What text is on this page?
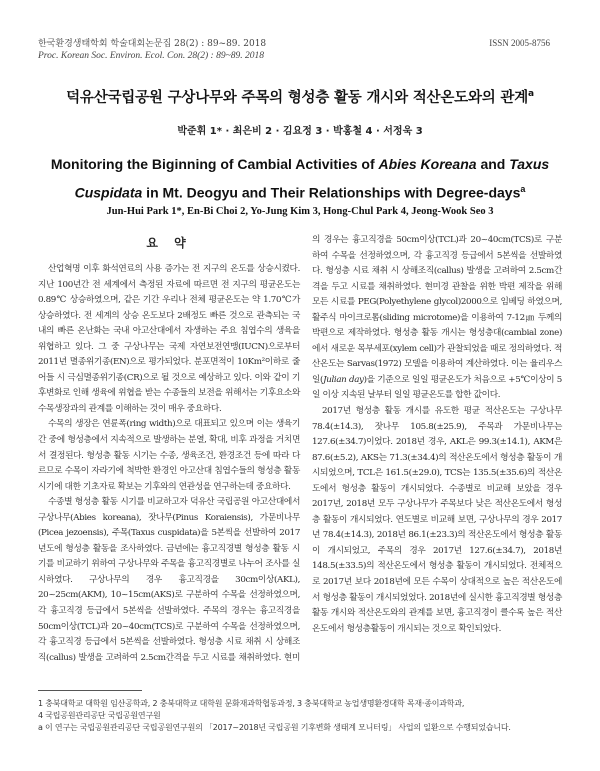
한국환경생태학회 학술대회논문집 28(2) : 89~89. 2018
Proc. Korean Soc. Environ. Ecol. Con. 28(2) : 89~89. 2018
ISSN 2005-8756
덕유산국립공원 구상나무와 주목의 형성층 활동 개시와 적산온도와의 관계$^a$
박준휘 1* · 최은비 2 · 김요정 3 · 박홍철 4 · 서정욱 3
Monitoring the Biginning of Cambial Activities of Abies Koreana and Taxus Cuspidata in Mt. Deogyu and Their Relationships with Degree-days$^a$
Jun-Hui Park 1*, En-Bi Choi 2, Yo-Jung Kim 3, Hong-Chul Park 4, Jeong-Wook Seo 3
요 약

산업혁명 이후 화석연료의 사용 증가는 전 지구의 온도를 상승시켰다. 지난 100년간 전 세계에서 측정된 자료에 따르면 전 지구의 평균온도는 0.89℃ 상승하였으며, 같은 기간 우리나 전체 평균온도는 약 1.70℃가 상승하였다. 전 세계의 상승 온도보다 2배정도 빠른 것으로 관측되는 국내의 빠른 온난화는 국내 아고산대에서 자생하는 주요 침엽수의 생육을 위협하고 있다. 그 중 구상나무는 국제 자연보전연맹(IUCN)으로부터 2011년 멸종위기종(EN)으로 평가되었다. 분포면적이 10Km²이하로 줄어들 시 극심멸종위기종(CR)으로 될 것으로 예상하고 있다. 이와 같이 기후변화로 인해 생육에 위협을 받는 수종들의 보전을 위해서는 기후요소와 수목생장과의 관계를 이해하는 것이 매우 중요하다.

수목의 생장은 연륜폭(ring width)으로 대표되고 있으며 이는 생육기간 중에 형성층에서 지속적으로 발생하는 분열, 확대, 비후 과정을 거치면서 결정된다. 형성층 활동 시기는 수종, 생육조건, 환경조건 등에 따라 다르므로 수목이 자라기에 척박한 환경인 아고산대 침엽수들의 형성층 활동시기에 대한 기초자료 확보는 기후와의 연관성을 연구하는데 중요하다.

수종별 형성층 활동 시기를 비교하고자 덕유산 국립공원 아고산대에서 구상나무(Abies koreana), 잣나무(Pinus Koraiensis), 가문비나무(Picea jezoensis), 주목(Taxus cuspidata)을 5본씩을 선발하여 2017년도에 형성층 활동을 조사하였다. 금년에는 흉고직경별 형성층 활동 시기를 비교하기 위하여 구상나무와 주목을 흉고직경별로 나누어 조사를 실시하였다. 구상나무의 경우 흉고직경을 30cm이상(AKL), 20~25cm(AKM), 10~15cm(AKS)로 구분하여 수목을 선정하였으며, 각 흉고직경 등급에서 5본씩을 선발하였다. 주목의 경우는 흉고직경을 50cm이상(TCL)과 20~40cm(TCS)로 구분하여 수목을 선정하였으며, 각 흉고직경 등급에서 5본씩을 선발하였다. 형성층 시료 채취 시 상해조직(callus) 발생을 고려하여 2.5cm간격을 두고 시료를 채취하였다. 현미

의 경우는 흉고직경을 50cm이상(TCL)과 20~40cm(TCS)로 구분하여 수목을 선정하였으며, 각 흉고직경 등급에서 5본씩을 선발하였다. 형성층 시료 채취 시 상해조직(callus) 발생을 고려하여 2.5cm간격을 두고 시료를 채취하였다. 현미경 관찰을 위한 박편 제작을 위해 모든 시료를 PEG(Polyethylene glycol)2000으로 임베딩 하였으며, 활주식 마이크로톰(sliding microtome)을 이용하여 7-12㎛ 두께의 박편으로 제작하였다. 형성층 활동 개시는 형성층대(cambial zone)에서 새로운 목부세포(xylem cell)가 관찰되었을 때로 정의하였다. 적산온도는 Sarvas(1972) 모델을 이용하여 계산하였다. 이는 율리우스일(Julian day)을 기준으로 일일 평균온도가 처음으로 +5℃이상이 5일 이상 지속된 날부터 일일 평균온도를 합한 값이다.

2017년 형성층 활동 개시를 유도한 평균 적산온도는 구상나무 78.4(±14.3), 잣나무 105.8(±25.9), 주목과 가문비나무는 127.6(±34.7)이었다. 2018년 경우, AKL은 99.3(±14.1), AKM은 87.6(±5.2), AKS는 71.3(±34.4)의 적산온도에서 형성층 활동이 개시되었으며, TCL은 161.5(±29.0), TCS는 135.5(±35.6)의 적산온도에서 형성층 활동이 개시되었다. 수종별로 비교해 보았을 경우 2017년, 2018년 모두 구상나무가 주목보다 낮은 적산온도에서 형성층 활동이 개시되었다. 연도별로 비교해 보면, 구상나무의 경우 2017년 78.4(±14.3), 2018년 86.1(±23.3)의 적산온도에서 형성층 활동이 개시되었고, 주목의 경우 2017년 127.6(±34.7), 2018년 148.5(±33.5)의 적산온도에서 형성층 활동이 개시되었다. 전체적으로 2017년 보다 2018년에 모든 수목이 상대적으로 높은 적산온도에서 형성층 활동이 개시되었었다. 2018년에 실시한 흉고직경별 형성층 활동 개시와 적산온도와의 관계를 보면, 흉고직경이 클수록 높은 적산온도에서 형성층활동이 개시되는 것으로 확인되었다.

1 충북대학교 대학원 임산공학과, 2 충북대학교 대학원 문화재과학협동과정, 3 충북대학교 농업생명환경대학 목재·종이과학과,
4 국립공원관리공단 국립공원연구원
a 이 연구는 국립공원관리공단 국립공원연구원의 「2017~2018년 국립공원 기후변화 생태계 모니터링」 사업의 일환으로 수행되었습니다.
